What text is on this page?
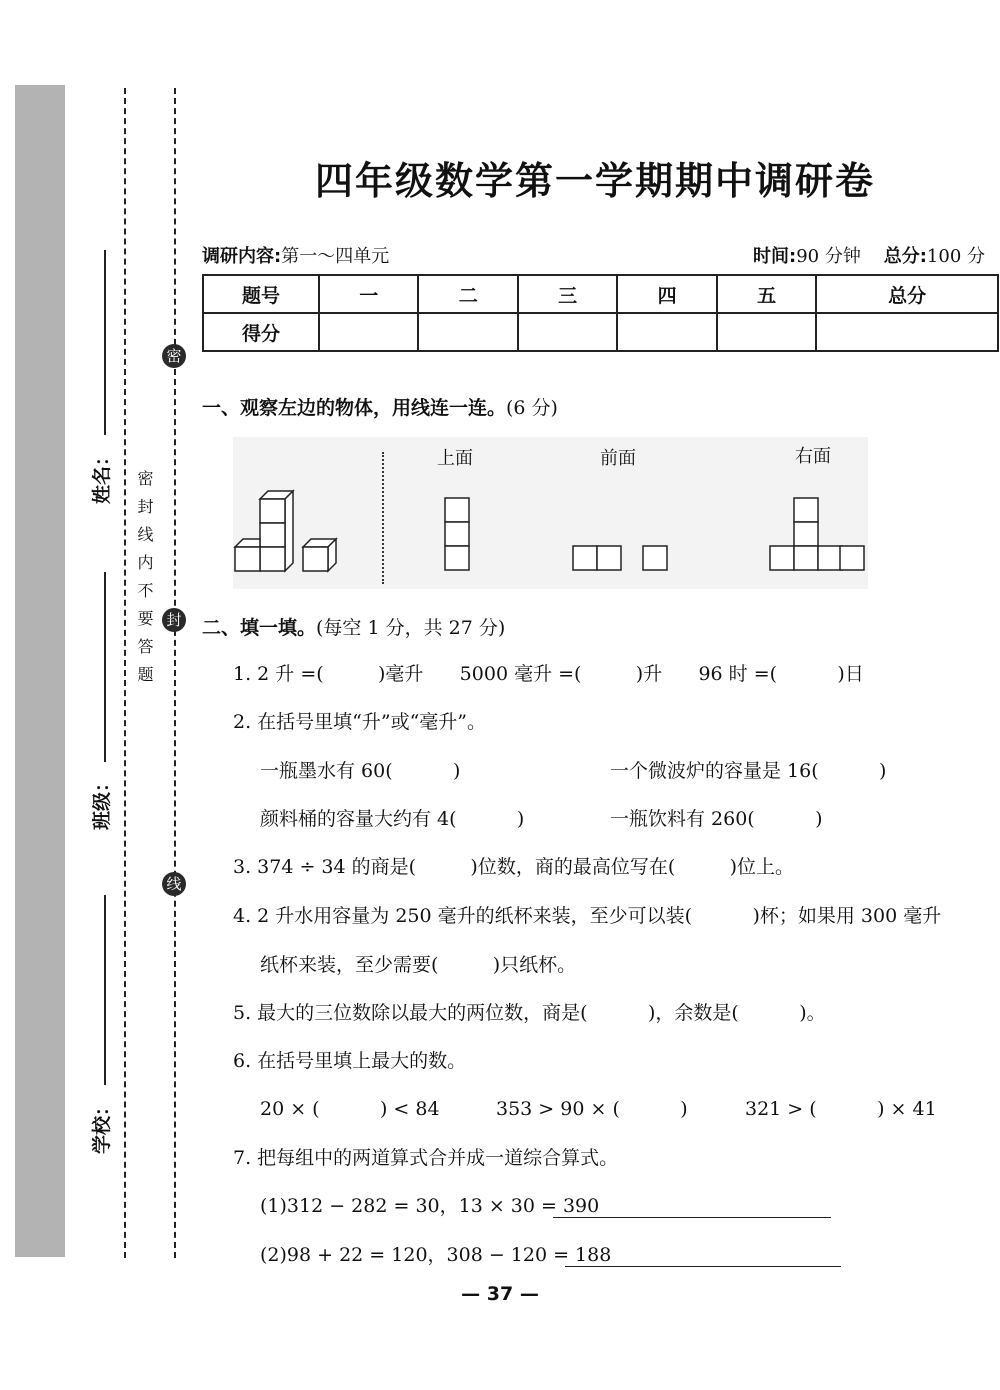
密
封
线
密封线内不要答题
姓名：
班级：
学校：
四年级数学第一学期期中调研卷
调研内容:第一～四单元	时间:90 分钟 总分:100 分
题号	一	二	三	四	五	总分
得分						
一、观察左边的物体，用线连一连。(6 分)
上面	前面	右面
二、填一填。(每空 1 分，共 27 分)
1. 2 升 =(         )毫升      5000 毫升 =(         )升      96 时 =(          )日
2. 在括号里填“升”或“毫升”。
一瓶墨水有 60(          )	一个微波炉的容量是 16(          )
颜料桶的容量大约有 4(          )	一瓶饮料有 260(          )
3. 374 ÷ 34 的商是(         )位数，商的最高位写在(         )位上。
4. 2 升水用容量为 250 毫升的纸杯来装，至少可以装(          )杯；如果用 300 毫升
纸杯来装，至少需要(         )只纸杯。
5. 最大的三位数除以最大的两位数，商是(          )，余数是(          )。
6. 在括号里填上最大的数。
20 × (          ) < 84	353 > 90 × (          )	321 > (          ) × 41
7. 把每组中的两道算式合并成一道综合算式。
(1)312 − 282 = 30，13 × 30 = 390
(2)98 + 22 = 120，308 − 120 = 188
— 37 —
